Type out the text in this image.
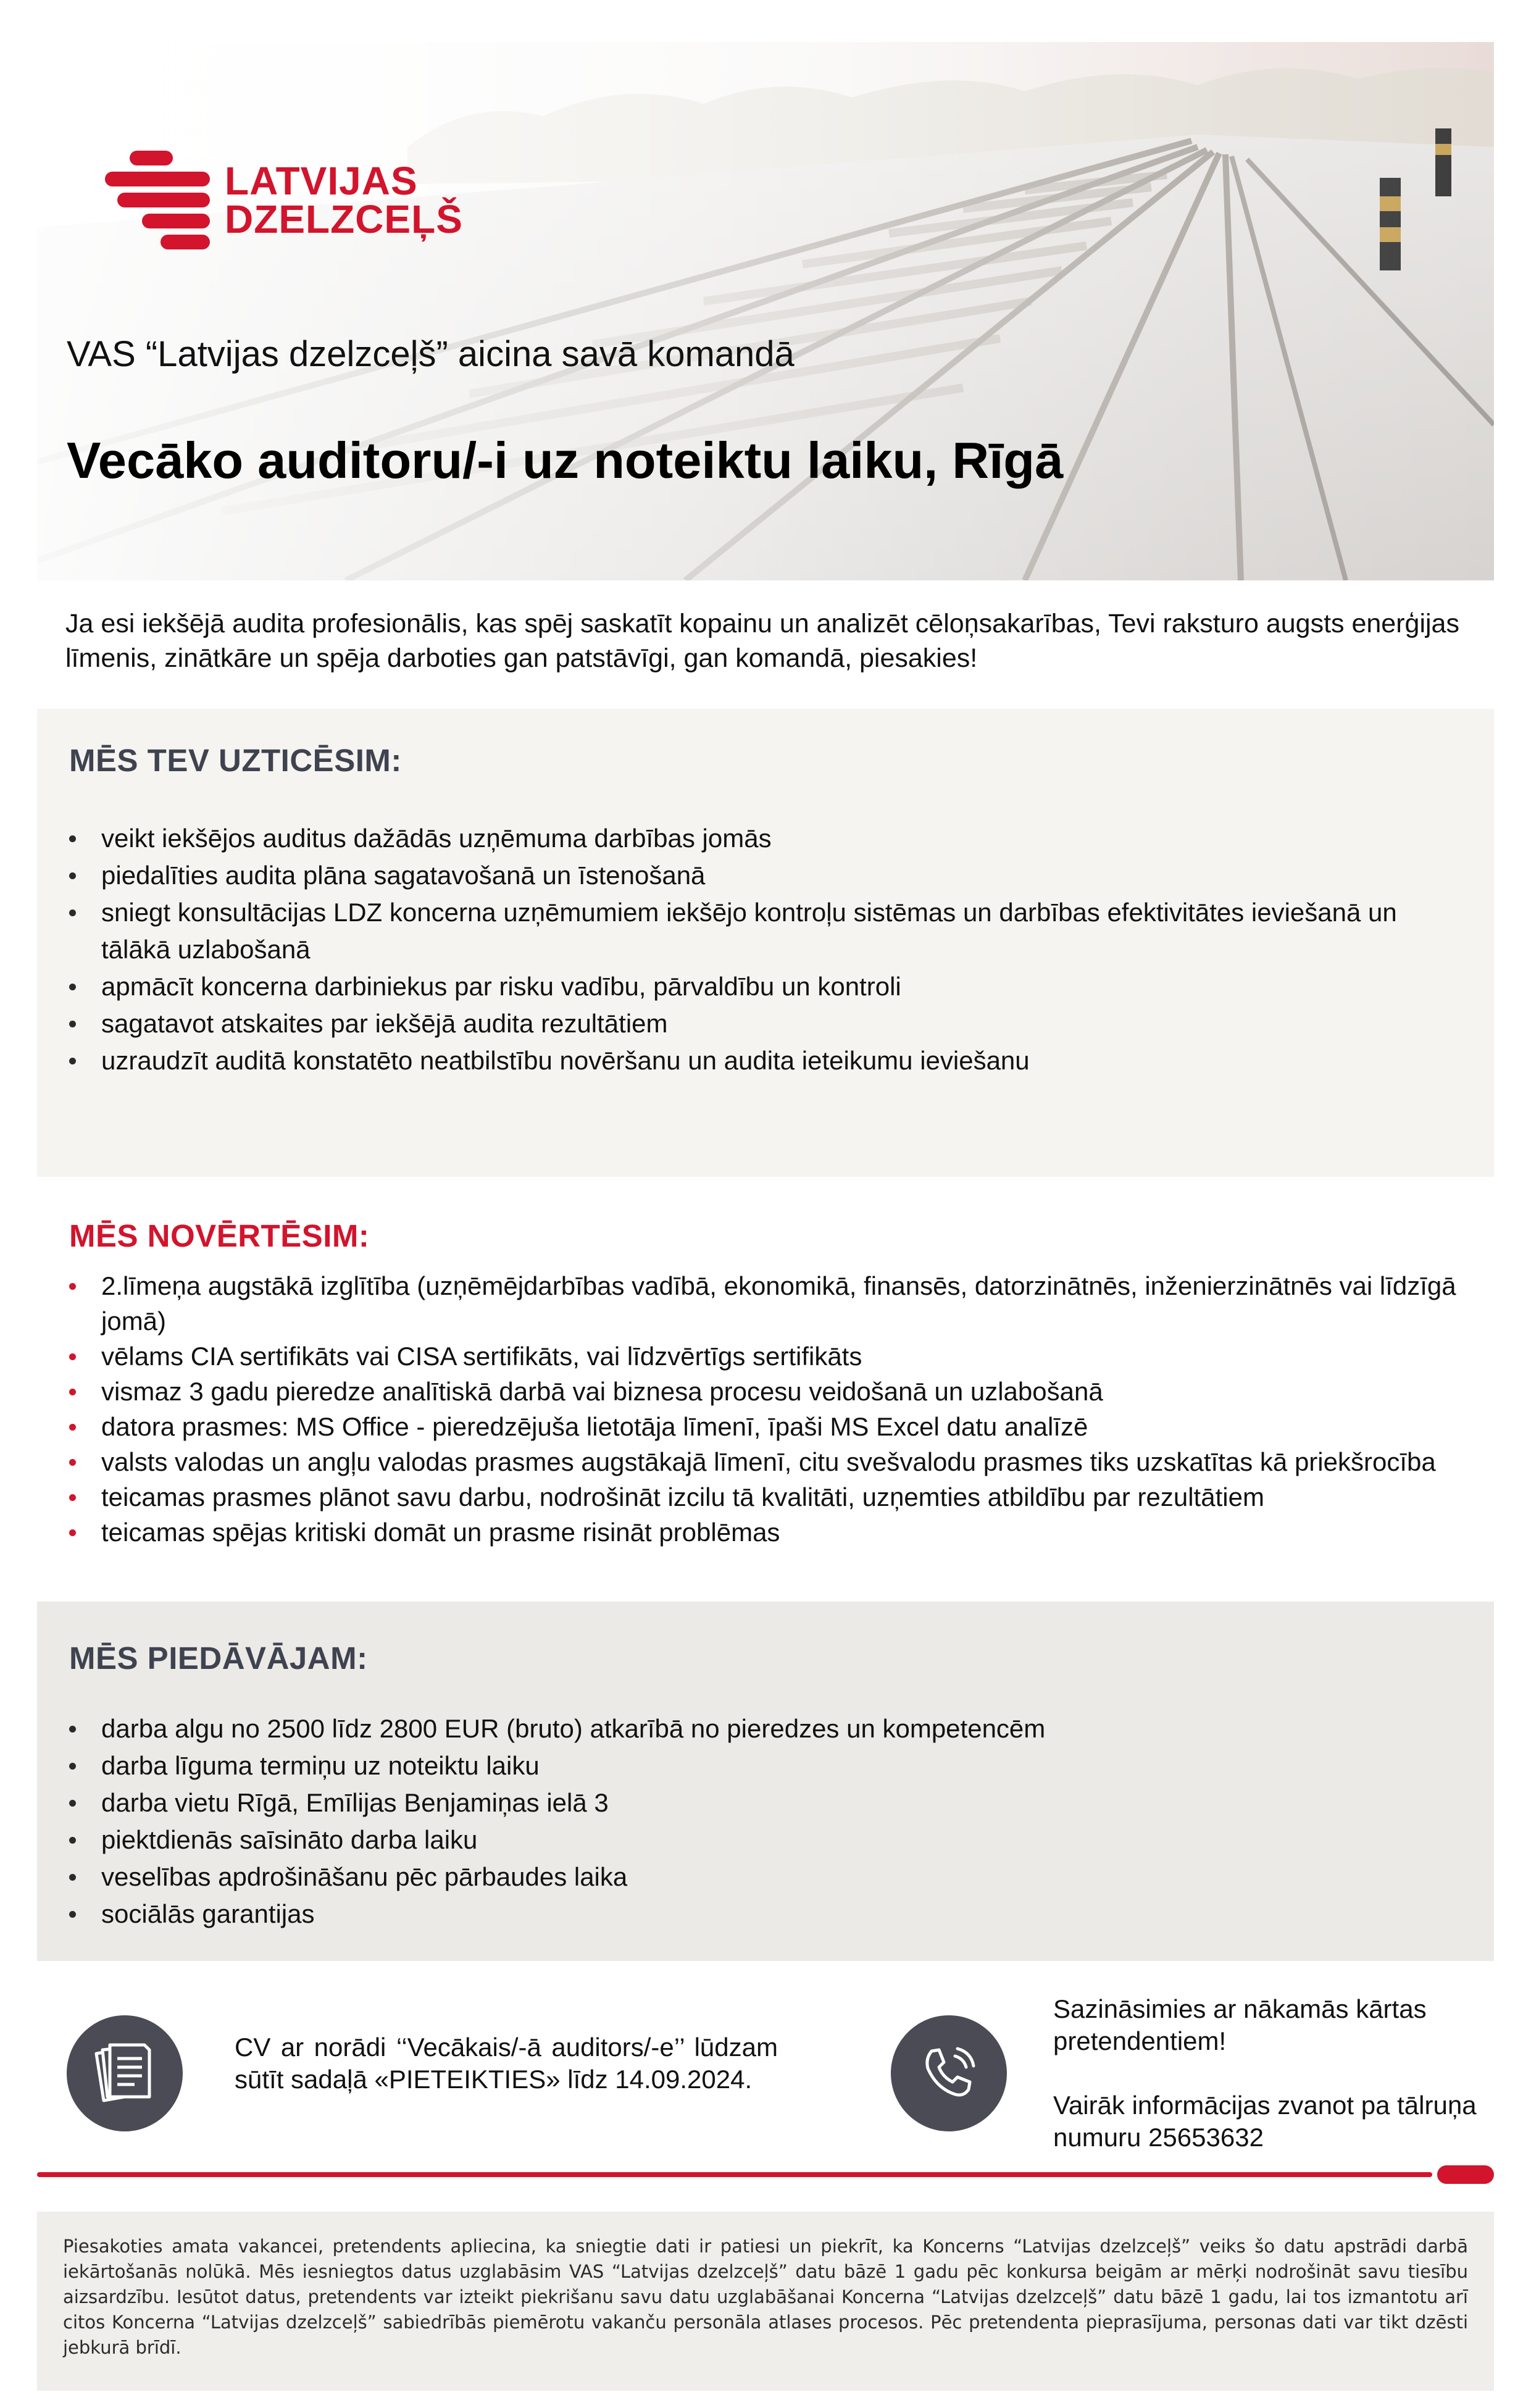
LATVIJAS
DZELZCEĻŠ
VAS “Latvijas dzelzceļš” aicina savā komandā
Vecāko auditoru/-i uz noteiktu laiku, Rīgā

Ja esi iekšējā audita profesionālis, kas spēj saskatīt kopainu un analizēt cēloņsakarības, Tevi raksturo augsts enerģijas līmenis, zinātkāre un spēja darboties gan patstāvīgi, gan komandā, piesakies!

MĒS TEV UZTICĒSIM:
veikt iekšējos auditus dažādās uzņēmuma darbības jomās
piedalīties audita plāna sagatavošanā un īstenošanā
sniegt konsultācijas LDZ koncerna uzņēmumiem iekšējo kontroļu sistēmas un darbības efektivitātes ieviešanā un tālākā uzlabošanā
apmācīt koncerna darbiniekus par risku vadību, pārvaldību un kontroli
sagatavot atskaites par iekšējā audita rezultātiem
uzraudzīt auditā konstatēto neatbilstību novēršanu un audita ieteikumu ieviešanu
MĒS NOVĒRTĒSIM:
2.līmeņa augstākā izglītība (uzņēmējdarbības vadībā, ekonomikā, finansēs, datorzinātnēs, inženierzinātnēs vai līdzīgā jomā)
vēlams CIA sertifikāts vai CISA sertifikāts, vai līdzvērtīgs sertifikāts
vismaz 3 gadu pieredze analītiskā darbā vai biznesa procesu veidošanā un uzlabošanā
datora prasmes: MS Office - pieredzējuša lietotāja līmenī, īpaši MS Excel datu analīzē
valsts valodas un angļu valodas prasmes augstākajā līmenī, citu svešvalodu prasmes tiks uzskatītas kā priekšrocība
teicamas prasmes plānot savu darbu, nodrošināt izcilu tā kvalitāti, uzņemties atbildību par rezultātiem
teicamas spējas kritiski domāt un prasme risināt problēmas
MĒS PIEDĀVĀJAM:
darba algu no 2500 līdz 2800 EUR (bruto) atkarībā no pieredzes un kompetencēm
darba līguma termiņu uz noteiktu laiku
darba vietu Rīgā, Emīlijas Benjamiņas ielā 3
piektdienās saīsināto darba laiku
veselības apdrošināšanu pēc pārbaudes laika
sociālās garantijas

CV ar norādi ‘‘Vecākais/-ā auditors/-e’’ lūdzam sūtīt sadaļā «PIETEIKTIES» līdz 14.09.2024.

Sazināsimies ar nākamās kārtas pretendentiem!

Vairāk informācijas zvanot pa tālruņa numuru 25653632

Piesakoties amata vakancei, pretendents apliecina, ka sniegtie dati ir patiesi un piekrīt, ka Koncerns “Latvijas dzelzceļš” veiks šo datu apstrādi darbā iekārtošanās nolūkā. Mēs iesniegtos datus uzglabāsim VAS “Latvijas dzelzceļš” datu bāzē 1 gadu pēc konkursa beigām ar mērķi nodrošināt savu tiesību aizsardzību. Iesūtot datus, pretendents var izteikt piekrišanu savu datu uzglabāšanai Koncerna “Latvijas dzelzceļš” datu bāzē 1 gadu, lai tos izmantotu arī citos Koncerna “Latvijas dzelzceļš” sabiedrībās piemērotu vakanču personāla atlases procesos. Pēc pretendenta pieprasījuma, personas dati var tikt dzēsti jebkurā brīdī.
